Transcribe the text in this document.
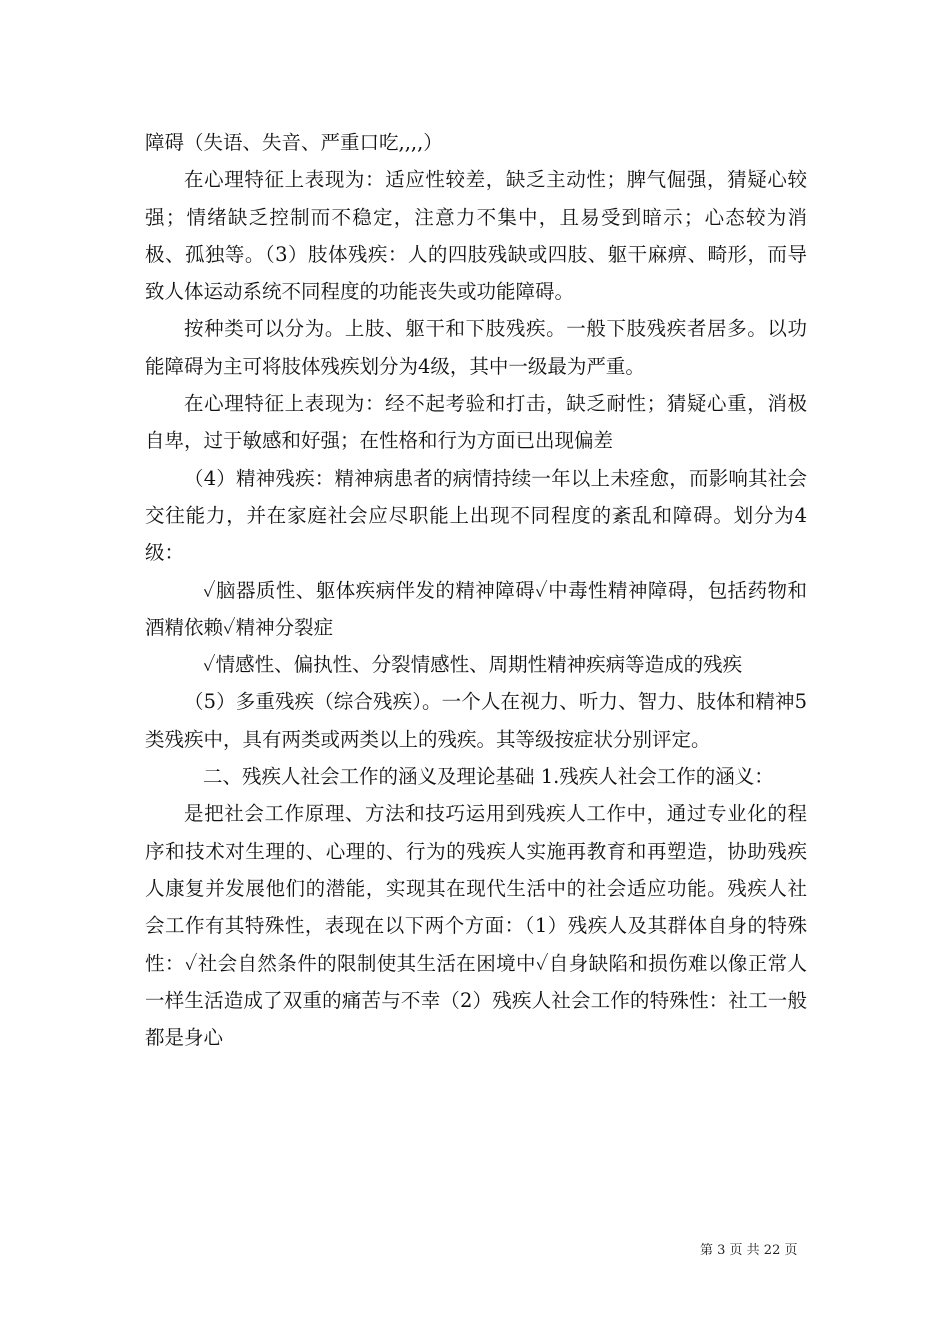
障碍（失语、失音、严重口吃,,,,）

在心理特征上表现为：适应性较差，缺乏主动性；脾气倔强，猜疑心较强；情绪缺乏控制而不稳定，注意力不集中，且易受到暗示；心态较为消极、孤独等。（3）肢体残疾：人的四肢残缺或四肢、躯干麻痹、畸形，而导致人体运动系统不同程度的功能丧失或功能障碍。

按种类可以分为。上肢、躯干和下肢残疾。一般下肢残疾者居多。以功能障碍为主可将肢体残疾划分为4级，其中一级最为严重。

在心理特征上表现为：经不起考验和打击，缺乏耐性；猜疑心重，消极自卑，过于敏感和好强；在性格和行为方面已出现偏差

（4）精神残疾：精神病患者的病情持续一年以上未痊愈，而影响其社会交往能力，并在家庭社会应尽职能上出现不同程度的紊乱和障碍。划分为4级：

✓脑器质性、躯体疾病伴发的精神障碍✓中毒性精神障碍，包括药物和酒精依赖✓精神分裂症

✓情感性、偏执性、分裂情感性、周期性精神疾病等造成的残疾

（5）多重残疾（综合残疾）。一个人在视力、听力、智力、肢体和精神5类残疾中，具有两类或两类以上的残疾。其等级按症状分别评定。

二、残疾人社会工作的涵义及理论基础 1.残疾人社会工作的涵义：

是把社会工作原理、方法和技巧运用到残疾人工作中，通过专业化的程序和技术对生理的、心理的、行为的残疾人实施再教育和再塑造，协助残疾人康复并发展他们的潜能，实现其在现代生活中的社会适应功能。残疾人社会工作有其特殊性，表现在以下两个方面：（1）残疾人及其群体自身的特殊性：✓社会自然条件的限制使其生活在困境中✓自身缺陷和损伤难以像正常人一样生活造成了双重的痛苦与不幸（2）残疾人社会工作的特殊性：社工一般都是身心

第 3 页 共 22 页
